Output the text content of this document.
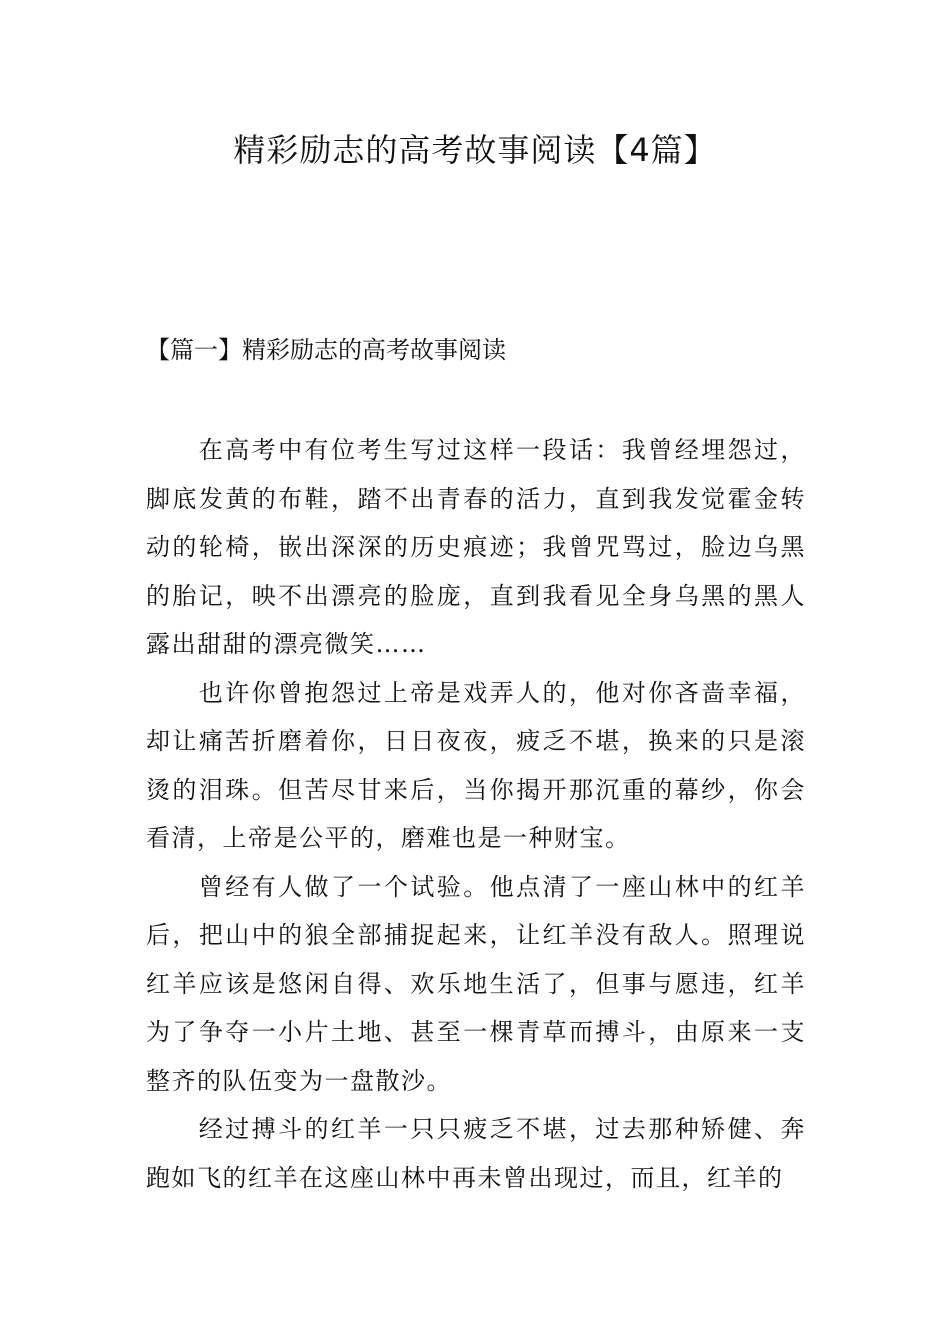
精彩励志的高考故事阅读【4篇】
【篇一】精彩励志的高考故事阅读

在高考中有位考生写过这样一段话：我曾经埋怨过，脚底发黄的布鞋，踏不出青春的活力，直到我发觉霍金转动的轮椅，嵌出深深的历史痕迹；我曾咒骂过，脸边乌黑的胎记，映不出漂亮的脸庞，直到我看见全身乌黑的黑人露出甜甜的漂亮微笑……

也许你曾抱怨过上帝是戏弄人的，他对你吝啬幸福，却让痛苦折磨着你，日日夜夜，疲乏不堪，换来的只是滚烫的泪珠。但苦尽甘来后，当你揭开那沉重的幕纱，你会看清，上帝是公平的，磨难也是一种财宝。

曾经有人做了一个试验。他点清了一座山林中的红羊后，把山中的狼全部捕捉起来，让红羊没有敌人。照理说红羊应该是悠闲自得、欢乐地生活了，但事与愿违，红羊为了争夺一小片土地、甚至一棵青草而搏斗，由原来一支整齐的队伍变为一盘散沙。

经过搏斗的红羊一只只疲乏不堪，过去那种矫健、奔跑如飞的红羊在这座山林中再未曾出现过，而且，红羊的
